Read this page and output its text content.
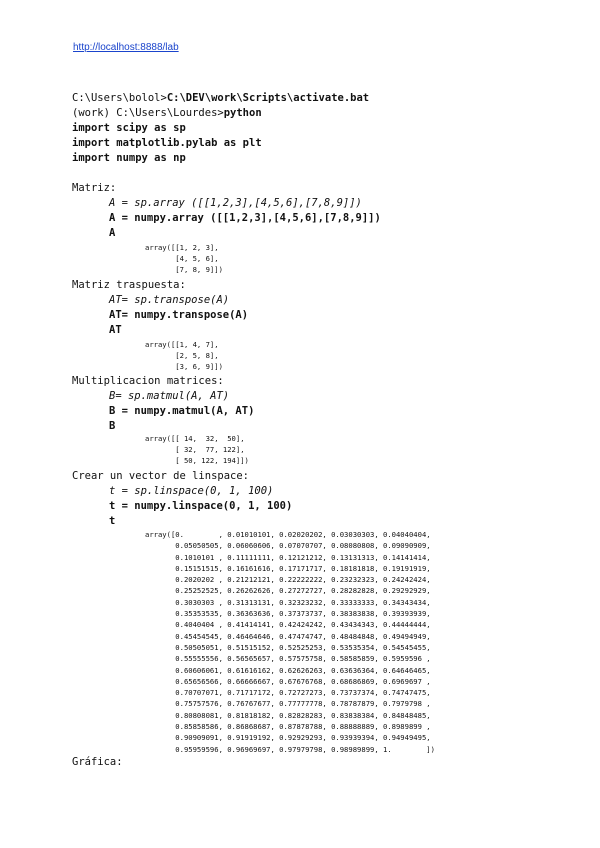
http://localhost:8888/lab
C:\Users\bolol>C:\DEV\work\Scripts\activate.bat
(work) C:\Users\Lourdes>python
import scipy as sp
import matplotlib.pylab as plt
import numpy as np
Matriz:
A = sp.array ([[1,2,3],[4,5,6],[7,8,9]])
A = numpy.array ([[1,2,3],[4,5,6],[7,8,9]])
A
array([[1, 2, 3],
[4, 5, 6],
[7, 8, 9]])
Matriz traspuesta:
AT= sp.transpose(A)
AT= numpy.transpose(A)
AT
array([[1, 4, 7],
[2, 5, 8],
[3, 6, 9]])
Multiplicacion matrices:
B= sp.matmul(A, AT)
B = numpy.matmul(A, AT)
B
array([[ 14,  32,  50],
[ 32,  77, 122],
[ 50, 122, 194]])
Crear un vector de linspace:
t = sp.linspace(0, 1, 100)
t = numpy.linspace(0, 1, 100)
t
array([0.        , 0.01010101, 0.02020202, 0.03030303, 0.04040404,
0.05050505, 0.06060606, 0.07070707, 0.08080808, 0.09090909,
0.1010101 , 0.11111111, 0.12121212, 0.13131313, 0.14141414,
0.15151515, 0.16161616, 0.17171717, 0.18181818, 0.19191919,
0.2020202 , 0.21212121, 0.22222222, 0.23232323, 0.24242424,
0.25252525, 0.26262626, 0.27272727, 0.28282828, 0.29292929,
0.3030303 , 0.31313131, 0.32323232, 0.33333333, 0.34343434,
0.35353535, 0.36363636, 0.37373737, 0.38383838, 0.39393939,
0.4040404 , 0.41414141, 0.42424242, 0.43434343, 0.44444444,
0.45454545, 0.46464646, 0.47474747, 0.48484848, 0.49494949,
0.50505051, 0.51515152, 0.52525253, 0.53535354, 0.54545455,
0.55555556, 0.56565657, 0.57575758, 0.58585859, 0.5959596 ,
0.60606061, 0.61616162, 0.62626263, 0.63636364, 0.64646465,
0.65656566, 0.66666667, 0.67676768, 0.68686869, 0.6969697 ,
0.70707071, 0.71717172, 0.72727273, 0.73737374, 0.74747475,
0.75757576, 0.76767677, 0.77777778, 0.78787879, 0.7979798 ,
0.80808081, 0.81818182, 0.82828283, 0.83838384, 0.84848485,
0.85858586, 0.86868687, 0.87878788, 0.88888889, 0.8989899 ,
0.90909091, 0.91919192, 0.92929293, 0.93939394, 0.94949495,
0.95959596, 0.96969697, 0.97979798, 0.98989899, 1.        ])
Gráfica:
